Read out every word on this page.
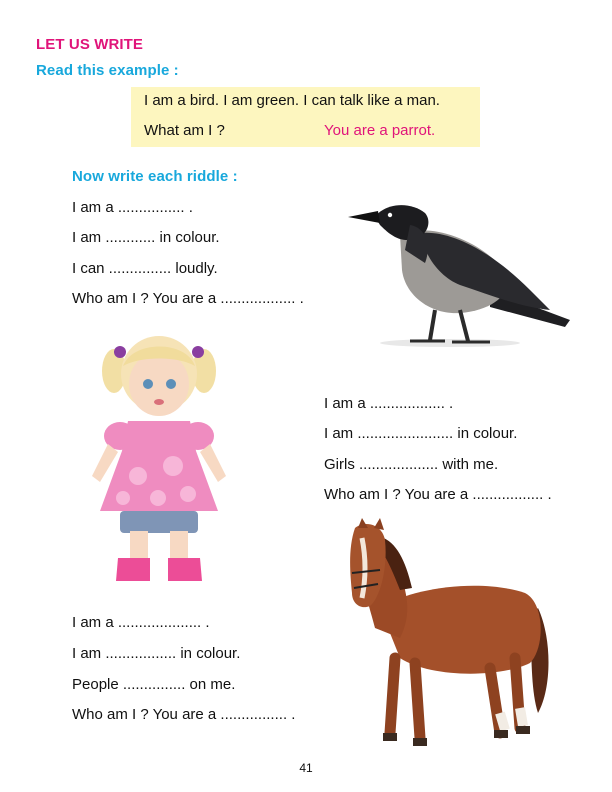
LET US WRITE
Read this example :
I am a bird. I am green. I can talk like a man.
What am I ?	You are a parrot.
Now write each riddle :
I am a ................ .
I am ............ in colour.
I can ............... loudly.
Who am I ? You are a .................. .
I am a .................. .
I am ....................... in colour.
Girls ................... with me.
Who am I ? You are a ................. .
I am a .................... .
I am ................. in colour.
People ............... on me.
Who am I ? You are a ................ .
41
